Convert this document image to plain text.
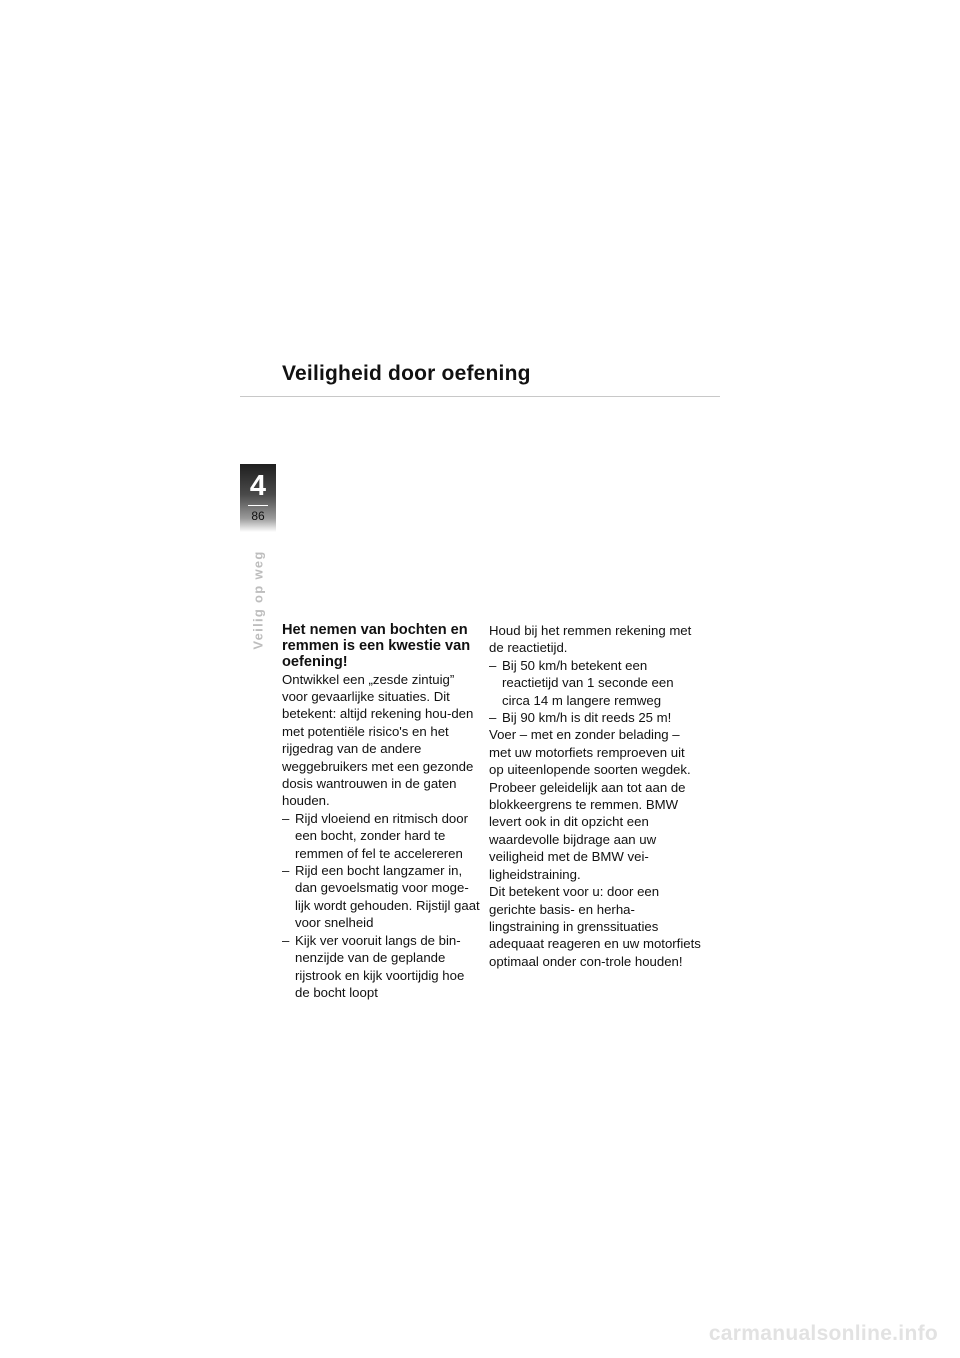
Veiligheid door oefening
4
86
Veilig op weg Het nemen van bochten en remmen is een kwestie van oefening!

Ontwikkel een „zesde zintuig” voor gevaarlijke situaties. Dit betekent: altijd rekening hou-den met potentiële risico's en het rijgedrag van de andere weggebruikers met een gezonde dosis wantrouwen in de gaten houden.

– Rijd vloeiend en ritmisch door een bocht, zonder hard te remmen of fel te accelereren
– Rijd een bocht langzamer in, dan gevoelsmatig voor moge-lijk wordt gehouden. Rijstijl gaat voor snelheid
– Kijk ver vooruit langs de bin-nenzijde van de geplande rijstrook en kijk voortijdig hoe de bocht loopt

Houd bij het remmen rekening met de reactietijd.

– Bij 50 km/h betekent een reactietijd van 1 seconde een circa 14 m langere remweg
– Bij 90 km/h is dit reeds 25 m!

Voer – met en zonder belading – met uw motorfiets remproeven uit op uiteenlopende soorten wegdek.

Probeer geleidelijk aan tot aan de blokkeergrens te remmen. BMW levert ook in dit opzicht een waardevolle bijdrage aan uw veiligheid met de BMW vei-ligheidstraining.

Dit betekent voor u: door een gerichte basis- en herha-lingstraining in grenssituaties adequaat reageren en uw motorfiets optimaal onder con-trole houden!

carmanualsonline.info
